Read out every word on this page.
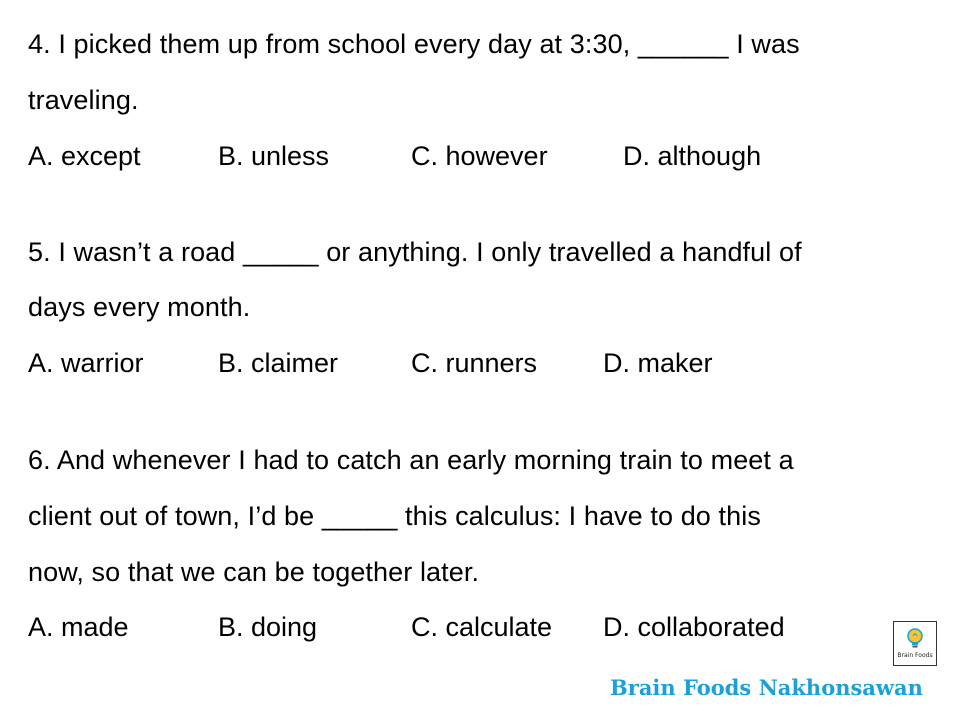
4. I picked them up from school every day at 3:30, ______ I was
traveling.
A. except	B. unless	C. however	D. although
5. I wasn’t a road _____ or anything. I only travelled a handful of
days every month.
A. warrior	B. claimer	C. runners D. maker
6. And whenever I had to catch an early morning train to meet a
client out of town, I’d be _____ this calculus: I have to do this
now, so that we can be together later.
A. made	B. doing	C. calculate D. collaborated
Brain Foods
Brain Foods Nakhonsawan
